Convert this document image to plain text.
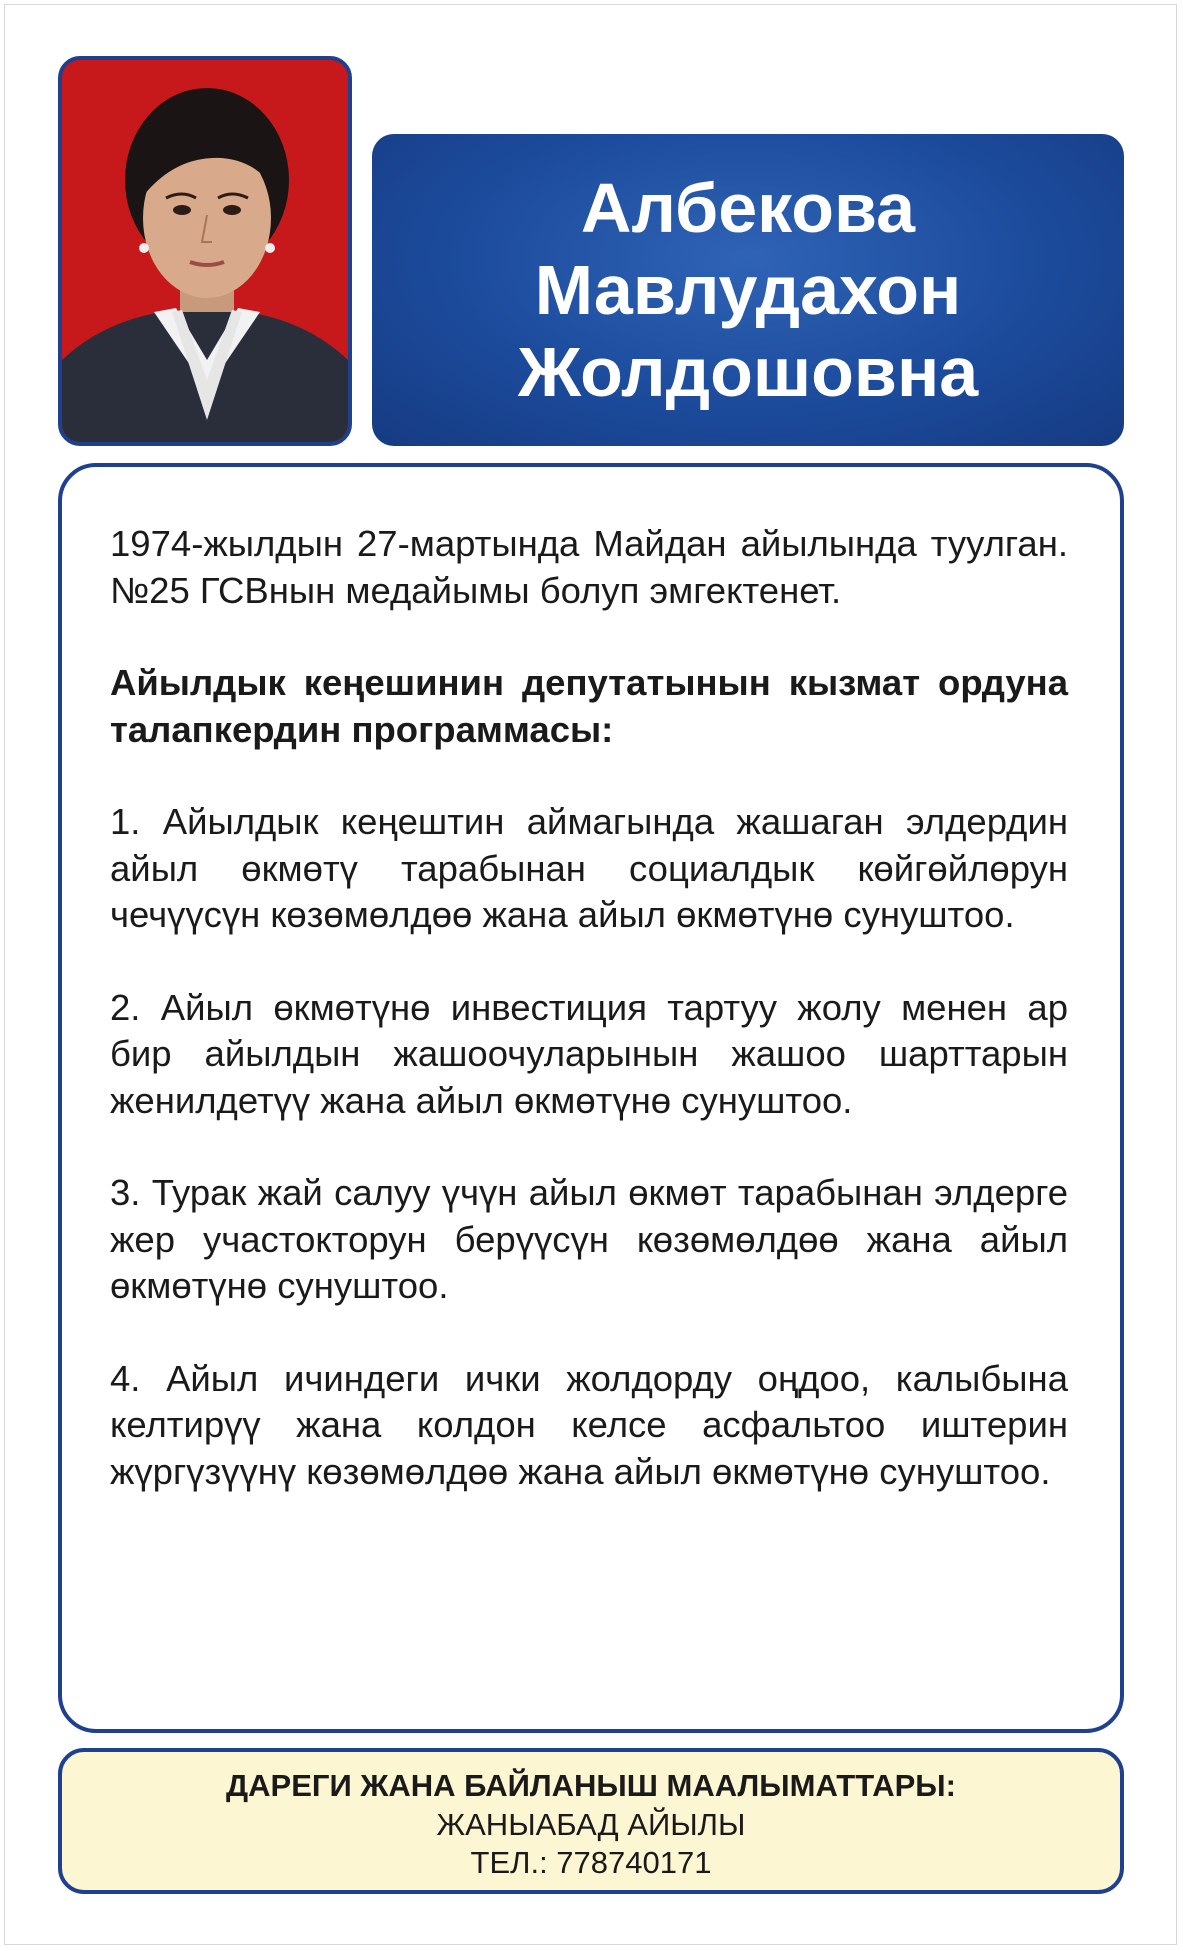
Албекова
Мавлудахон
Жолдошовна

1974-жылдын 27-мартында Майдан айылында туулган. №25 ГСВнын медайымы болуп эмгектенет.

Айылдык кеңешинин депутатынын кызмат ордуна талапкердин программасы:

1. Айылдык кеңештин аймагында жашаган элдердин айыл өкмөтү тарабынан социалдык көйгөйлөрун чечүүсүн көзөмөлдөө жана айыл өкмөтүнө сунуштоо.

2. Айыл өкмөтүнө инвестиция тартуу жолу менен ар бир айылдын жашоочуларынын жашоо шарттарын женилдетүү жана айыл өкмөтүнө сунуштоо.

3. Турак жай салуу үчүн айыл өкмөт тарабынан элдерге жер участокторун берүүсүн көзөмөлдөө жана айыл өкмөтүнө сунуштоо.

4. Айыл ичиндеги ички жолдорду оңдоо, калыбына келтирүү жана колдон келсе асфальтоо иштерин жүргүзүүнү көзөмөлдөө жана айыл өкмөтүнө сунуштоо.

ДАРЕГИ ЖАНА БАЙЛАНЫШ МААЛЫМАТТАРЫ:

ЖАНЫАБАД АЙЫЛЫ

ТЕЛ.: 778740171
